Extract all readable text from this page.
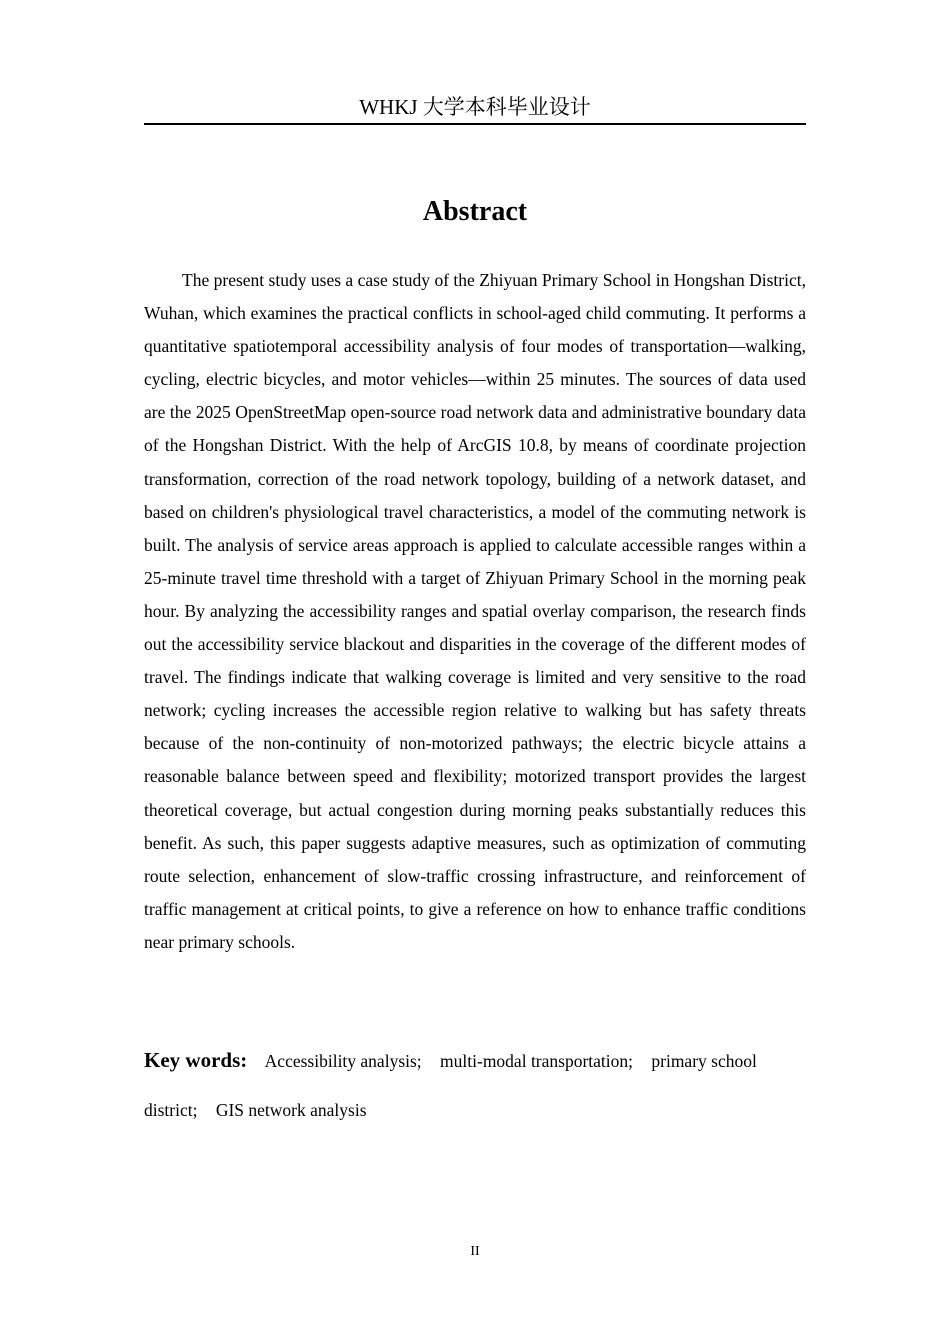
WHKJ 大学本科毕业设计
Abstract

The present study uses a case study of the Zhiyuan Primary School in Hongshan District, Wuhan, which examines the practical conflicts in school-aged child commuting. It performs a quantitative spatiotemporal accessibility analysis of four modes of transportation—walking, cycling, electric bicycles, and motor vehicles—within 25 minutes. The sources of data used are the 2025 OpenStreetMap open-source road network data and administrative boundary data of the Hongshan District. With the help of ArcGIS 10.8, by means of coordinate projection transformation, correction of the road network topology, building of a network dataset, and based on children's physiological travel characteristics, a model of the commuting network is built. The analysis of service areas approach is applied to calculate accessible ranges within a 25-minute travel time threshold with a target of Zhiyuan Primary School in the morning peak hour. By analyzing the accessibility ranges and spatial overlay comparison, the research finds out the accessibility service blackout and disparities in the coverage of the different modes of travel. The findings indicate that walking coverage is limited and very sensitive to the road network; cycling increases the accessible region relative to walking but has safety threats because of the non-continuity of non-motorized pathways; the electric bicycle attains a reasonable balance between speed and flexibility; motorized transport provides the largest theoretical coverage, but actual congestion during morning peaks substantially reduces this benefit. As such, this paper suggests adaptive measures, such as optimization of commuting route selection, enhancement of slow-traffic crossing infrastructure, and reinforcement of traffic management at critical points, to give a reference on how to enhance traffic conditions near primary schools.

Key words: Accessibility analysis; multi-modal transportation; primary school district; GIS network analysis

II
